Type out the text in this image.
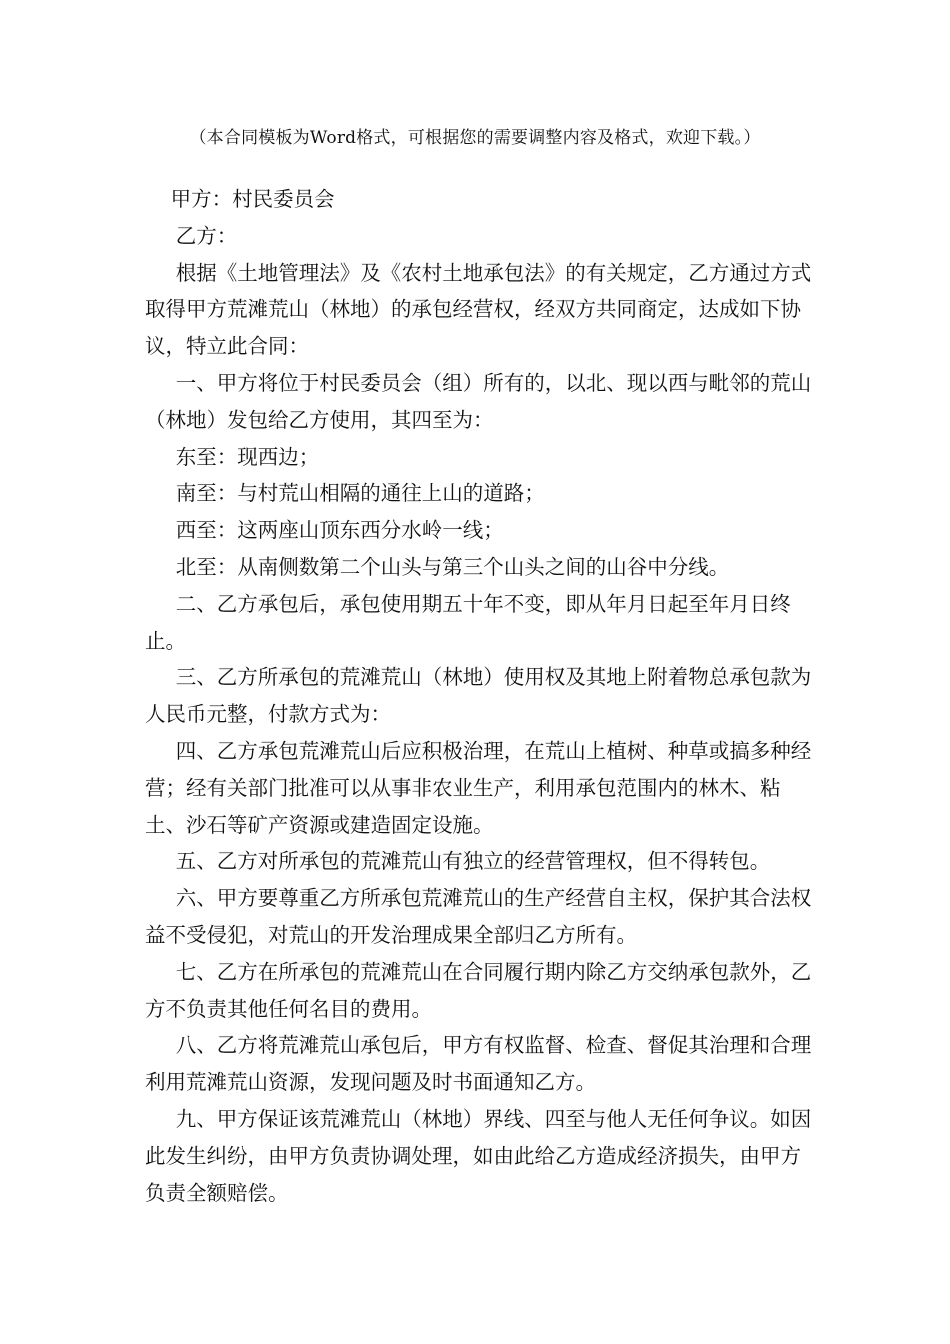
（本合同模板为Word格式，可根据您的需要调整内容及格式，欢迎下载。）

甲方：村民委员会

乙方：

根据《土地管理法》及《农村土地承包法》的有关规定，乙方通过方式取得甲方荒滩荒山（林地）的承包经营权，经双方共同商定，达成如下协议，特立此合同：

一、甲方将位于村民委员会（组）所有的，以北、现以西与毗邻的荒山（林地）发包给乙方使用，其四至为：

东至：现西边；

南至：与村荒山相隔的通往上山的道路；

西至：这两座山顶东西分水岭一线；

北至：从南侧数第二个山头与第三个山头之间的山谷中分线。

二、乙方承包后，承包使用期五十年不变，即从年月日起至年月日终止。

三、乙方所承包的荒滩荒山（林地）使用权及其地上附着物总承包款为人民币元整，付款方式为：

四、乙方承包荒滩荒山后应积极治理，在荒山上植树、种草或搞多种经营；经有关部门批准可以从事非农业生产，利用承包范围内的林木、粘土、沙石等矿产资源或建造固定设施。

五、乙方对所承包的荒滩荒山有独立的经营管理权，但不得转包。

六、甲方要尊重乙方所承包荒滩荒山的生产经营自主权，保护其合法权益不受侵犯，对荒山的开发治理成果全部归乙方所有。

七、乙方在所承包的荒滩荒山在合同履行期内除乙方交纳承包款外，乙方不负责其他任何名目的费用。

八、乙方将荒滩荒山承包后，甲方有权监督、检查、督促其治理和合理利用荒滩荒山资源，发现问题及时书面通知乙方。

九、甲方保证该荒滩荒山（林地）界线、四至与他人无任何争议。如因此发生纠纷，由甲方负责协调处理，如由此给乙方造成经济损失，由甲方负责全额赔偿。
